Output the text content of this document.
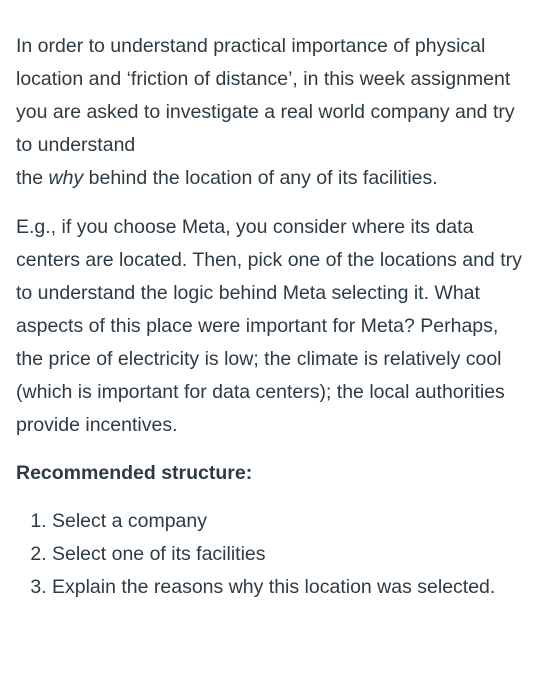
In order to understand practical importance of physical location and ‘friction of distance’, in this week assignment you are asked to investigate a real world company and try to understand
the why behind the location of any of its facilities.

E.g., if you choose Meta, you consider where its data centers are located. Then, pick one of the locations and try to understand the logic behind Meta selecting it. What aspects of this place were important for Meta? Perhaps, the price of electricity is low; the climate is relatively cool (which is important for data centers); the local authorities provide incentives.

Recommended structure:

1. Select a company
2. Select one of its facilities
3. Explain the reasons why this location was selected.
